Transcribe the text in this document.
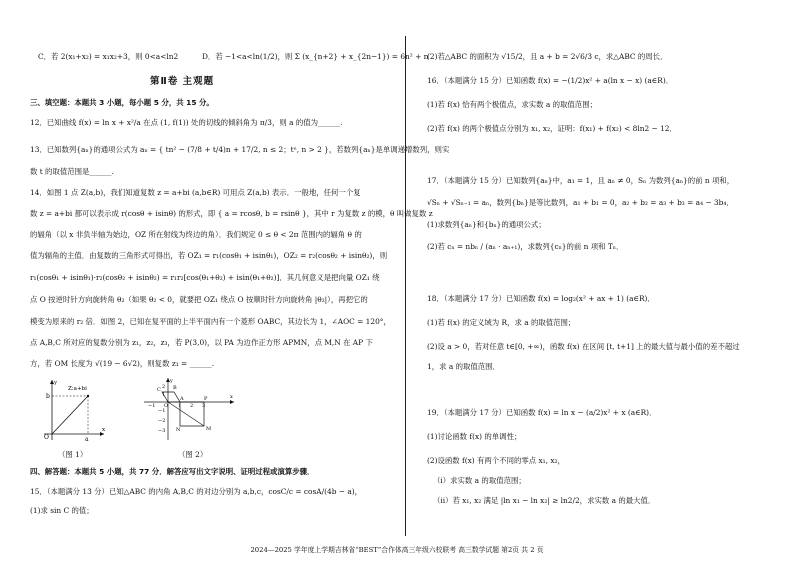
C．若 2(x₁+x₂) = x₁x₂+3，则 0<a<ln2	D．若 −1<a<ln(1/2)，则 Σ (x_{n+2} + x_{2n−1}) = 6n² + n
第Ⅱ卷 主观题
三、填空题：本题共 3 小题，每小题 5 分，共 15 分。
12．已知曲线 f(x) = ln x + x²/a 在点 (1, f(1)) 处的切线的倾斜角为 π/3，则 a 的值为______.
13．已知数列{aₙ}的通项公式为 aₙ = { tn² − (7/8 + t/4)n + 17/2, n ≤ 2；tⁿ, n > 2 }，若数列{aₙ}是单调递增数列，则实
数 t 的取值范围是______.
14．如图 1 点 Z(a,b)，我们知道复数 z = a+bi (a,b∈R) 可用点 Z(a,b) 表示．一般地，任何一个复
数 z = a+bi 都可以表示成 r(cosθ + isinθ) 的形式，即 { a = rcosθ, b = rsinθ }，其中 r 为复数 z 的模，θ 叫做复数 z
的辐角（以 x 非负半轴为始边，OZ 所在射线为终边的角）．我们规定 0 ≤ θ < 2π 范围内的辐角 θ 的
值为辐角的主值．由复数的三角形式可得出，若 OZ₁ = r₁(cosθ₁ + isinθ₁)，OZ₂ = r₂(cosθ₂ + isinθ₂)，则
r₁(cosθ₁ + isinθ₁)·r₂(cosθ₂ + isinθ₂) = r₁r₂[cos(θ₁+θ₂) + isin(θ₁+θ₂)]．其几何意义是把向量 OZ₁ 绕
点 O 按逆时针方向旋转角 θ₂（如果 θ₂ < 0，就要把 OZ₁ 绕点 O 按顺时针方向旋转角 |θ₂|），再把它的
模变为原来的 r₂ 倍．如图 2，已知在复平面的上半平面内有一个菱形 OABC，其边长为 1，∠AOC = 120°，
点 A,B,C 所对应的复数分别为 z₁，z₂，z₃，若 P(3,0)，以 PA 为边作正方形 APMN，点 M,N 在 AP 下
方，若 OM 长度为 √(19 − 6√2)，则复数 z₁ = ______.
O	a
b
y
x
Z:a+bi	2
1
−1
−2
−3
−1	1 2 3
y
x
O
C B
A	P
M
N
（图 1）	（图 2）
四、解答题：本题共 5 小题，共 77 分．解答应写出文字说明、证明过程或演算步骤．
15．（本题满分 13 分）已知△ABC 的内角 A,B,C 的对边分别为 a,b,c，cosC/c = cosA/(4b − a)，
(1)求 sin C 的值；
(2)若△ABC 的面积为 √15/2，且 a + b = 2√6/3 c，求△ABC 的周长．
16．（本题满分 15 分）已知函数 f(x) = −(1/2)x² + a(ln x − x) (a∈R)．
(1)若 f(x) 恰有两个极值点，求实数 a 的取值范围；
(2)若 f(x) 的两个极值点分别为 x₁, x₂，证明：f(x₁) + f(x₂) < 8ln2 − 12．
17．（本题满分 15 分）已知数列{aₙ}中，a₁ = 1，且 aₙ ≠ 0，Sₙ 为数列{aₙ}的前 n 项和，
√Sₙ + √Sₙ₋₁ = aₙ，数列{bₙ}是等比数列，a₁ + b₁ = 0，a₂ + b₂ = a₃ + b₃ = a₄ − 3b₄．
(1)求数列{aₙ}和{bₙ}的通项公式；
(2)若 cₙ = nbₙ / (aₙ · aₙ₊₁)，求数列{cₙ}的前 n 项和 Tₙ．
18．（本题满分 17 分）已知函数 f(x) = log₂(x² + ax + 1) (a∈R)．
(1)若 f(x) 的定义域为 R，求 a 的取值范围；
(2)设 a > 0，若对任意 t∈[0, +∞)，函数 f(x) 在区间 [t, t+1] 上的最大值与最小值的差不超过
1，求 a 的取值范围．
19．（本题满分 17 分）已知函数 f(x) = ln x − (a/2)x² + x (a∈R)．
(1)讨论函数 f(x) 的单调性；
(2)设函数 f(x) 有两个不同的零点 x₁, x₂，
（i）求实数 a 的取值范围；
（ii）若 x₁, x₂ 满足 |ln x₁ − ln x₂| ≥ ln2/2，求实数 a 的最大值．
2024—2025 学年度上学期吉林省“BEST”合作体高三年级六校联考 高三数学试题 第2页 共 2 页
